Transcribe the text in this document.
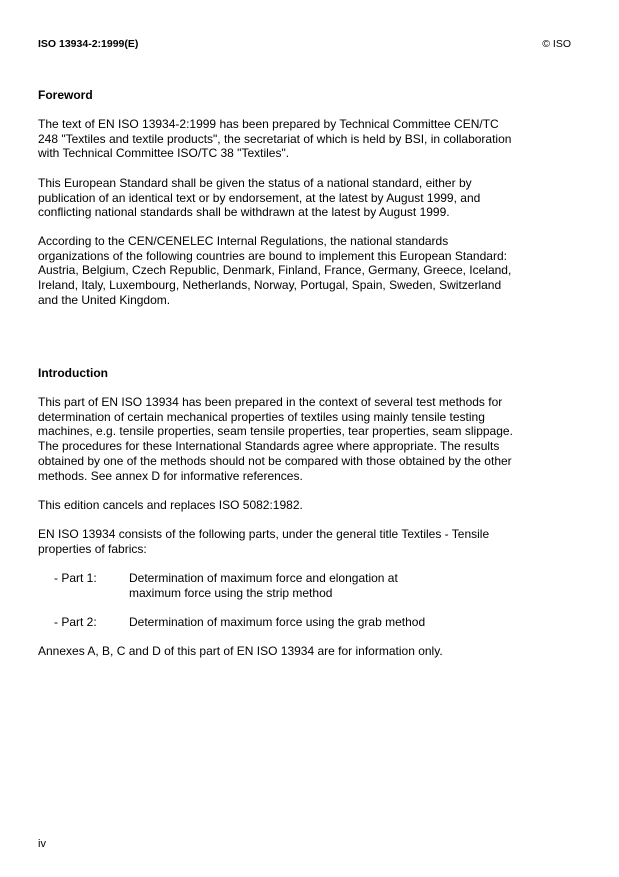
ISO 13934-2:1999(E)	© ISO
Foreword

The text of EN ISO 13934-2:1999 has been prepared by Technical Committee CEN/TC
248 "Textiles and textile products", the secretariat of which is held by BSI, in collaboration
with Technical Committee ISO/TC 38 "Textiles".

This European Standard shall be given the status of a national standard, either by
publication of an identical text or by endorsement, at the latest by August 1999, and
conflicting national standards shall be withdrawn at the latest by August 1999.

According to the CEN/CENELEC Internal Regulations, the national standards
organizations of the following countries are bound to implement this European Standard:
Austria, Belgium, Czech Republic, Denmark, Finland, France, Germany, Greece, Iceland,
Ireland, Italy, Luxembourg, Netherlands, Norway, Portugal, Spain, Sweden, Switzerland
and the United Kingdom.

Introduction

This part of EN ISO 13934 has been prepared in the context of several test methods for
determination of certain mechanical properties of textiles using mainly tensile testing
machines, e.g. tensile properties, seam tensile properties, tear properties, seam slippage.
The procedures for these International Standards agree where appropriate. The results
obtained by one of the methods should not be compared with those obtained by the other
methods. See annex D for informative references.

This edition cancels and replaces ISO 5082:1982.

EN ISO 13934 consists of the following parts, under the general title Textiles - Tensile
properties of fabrics:

- Part 1:	Determination of maximum force and elongation at
maximum force using the strip method
- Part 2:	Determination of maximum force using the grab method

Annexes A, B, C and D of this part of EN ISO 13934 are for information only.

iv
